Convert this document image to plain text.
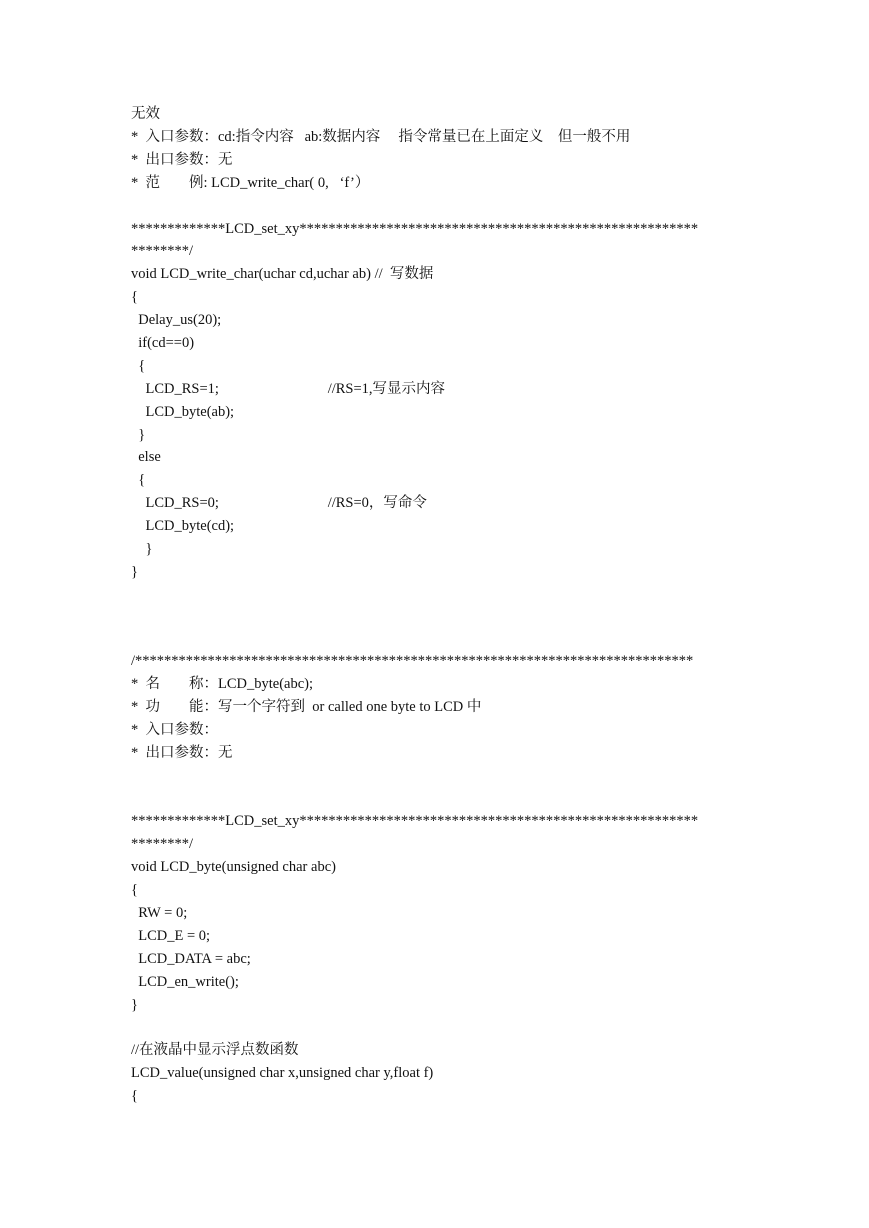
无效
*  入口参数：cd:指令内容   ab:数据内容     指令常量已在上面定义    但一般不用
*  出口参数：无
*  范        例: LCD_write_char( 0,   ‘f’）
*************LCD_set_xy*******************************************************
********/
void LCD_write_char(uchar cd,uchar ab) //  写数据
{
Delay_us(20);
if(cd==0)
{
LCD_RS=1;                              //RS=1,写显示内容
LCD_byte(ab);
}
else
{
LCD_RS=0;                              //RS=0，写命令
LCD_byte(cd);
}
}
/*****************************************************************************
*  名        称：LCD_byte(abc);
*  功        能：写一个字符到  or called one byte to LCD 中
*  入口参数：
*  出口参数：无
*************LCD_set_xy*******************************************************
********/
void LCD_byte(unsigned char abc)
{
RW = 0;
LCD_E = 0;
LCD_DATA = abc;
LCD_en_write();
}
//在液晶中显示浮点数函数
LCD_value(unsigned char x,unsigned char y,float f)
{
